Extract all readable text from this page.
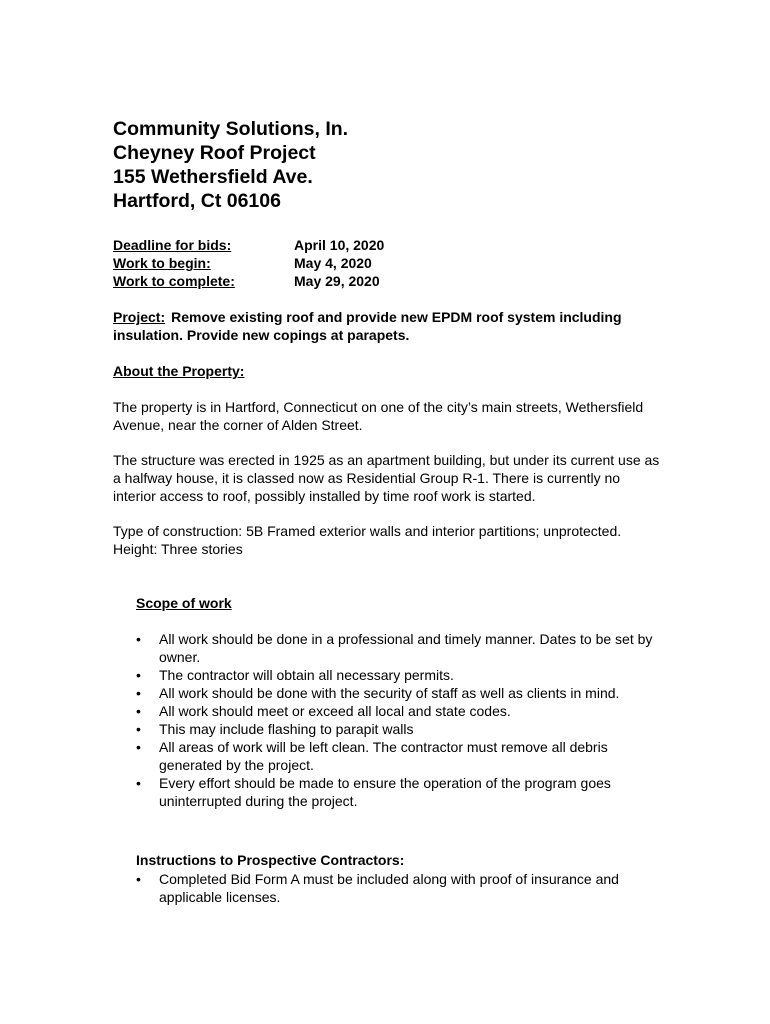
Community Solutions, In.
Cheyney Roof Project
155 Wethersfield Ave.
Hartford, Ct 06106
Deadline for bids:	April 10, 2020
Work to begin:	May 4, 2020
Work to complete:	May 29, 2020
Project: Remove existing roof and provide new EPDM roof system including insulation. Provide new copings at parapets.
About the Property:
The property is in Hartford, Connecticut on one of the city’s main streets, Wethersfield Avenue, near the corner of Alden Street.
The structure was erected in 1925 as an apartment building, but under its current use as a halfway house, it is classed now as Residential Group R-1. There is currently no interior access to roof, possibly installed by time roof work is started.
Type of construction: 5B Framed exterior walls and interior partitions; unprotected.
Height: Three stories
Scope of work
• All work should be done in a professional and timely manner. Dates to be set by owner.
• The contractor will obtain all necessary permits.
• All work should be done with the security of staff as well as clients in mind.
• All work should meet or exceed all local and state codes.
• This may include flashing to parapit walls
• All areas of work will be left clean. The contractor must remove all debris generated by the project.
• Every effort should be made to ensure the operation of the program goes uninterrupted during the project.
Instructions to Prospective Contractors:
• Completed Bid Form A must be included along with proof of insurance and applicable licenses.
